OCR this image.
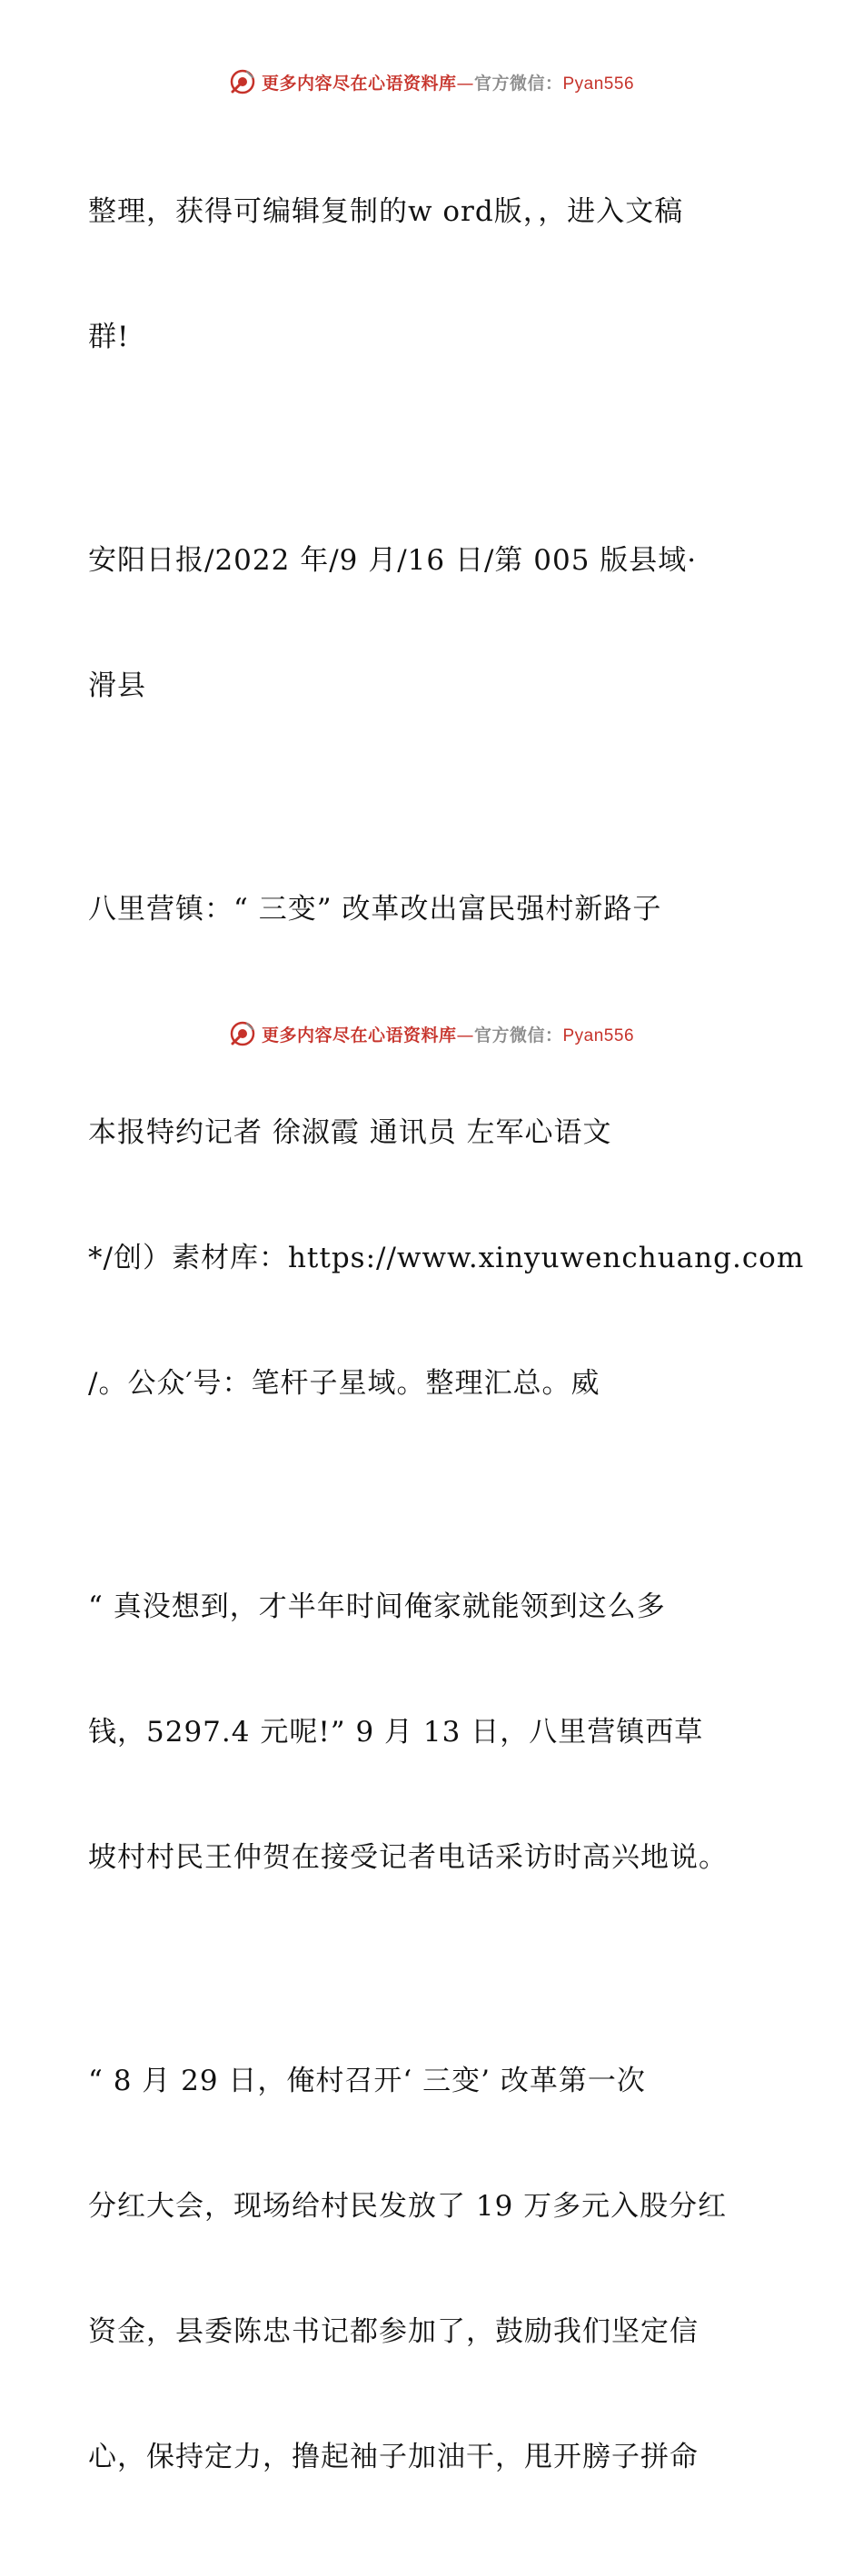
更多内容尽在心语资料库—官方微信：Pyan556

整理，获得可编辑复制的w ord版，，进入文稿

群!

安阳日报/2022 年/9 月/16 日/第 005 版县域·

滑县

八里营镇：“ 三变” 改革改出富民强村新路子

本报特约记者 徐淑霞 通讯员 左军心语文

*/创）素材库：https://www.xinyuwenchuang.com

/。公众′号：笔杆子星域。整理汇总。威

“ 真没想到，才半年时间俺家就能领到这么多

钱，5297.4 元呢!” 9 月 13 日，八里营镇西草

坡村村民王仲贺在接受记者电话采访时高兴地说。

“ 8 月 29 日，俺村召开‘ 三变’ 改革第一次

分红大会，现场给村民发放了 19 万多元入股分红

资金，县委陈忠书记都参加了，鼓励我们坚定信

心，保持定力，撸起袖子加油干，甩开膀子拼命

更多内容尽在心语资料库—官方微信：Pyan556
